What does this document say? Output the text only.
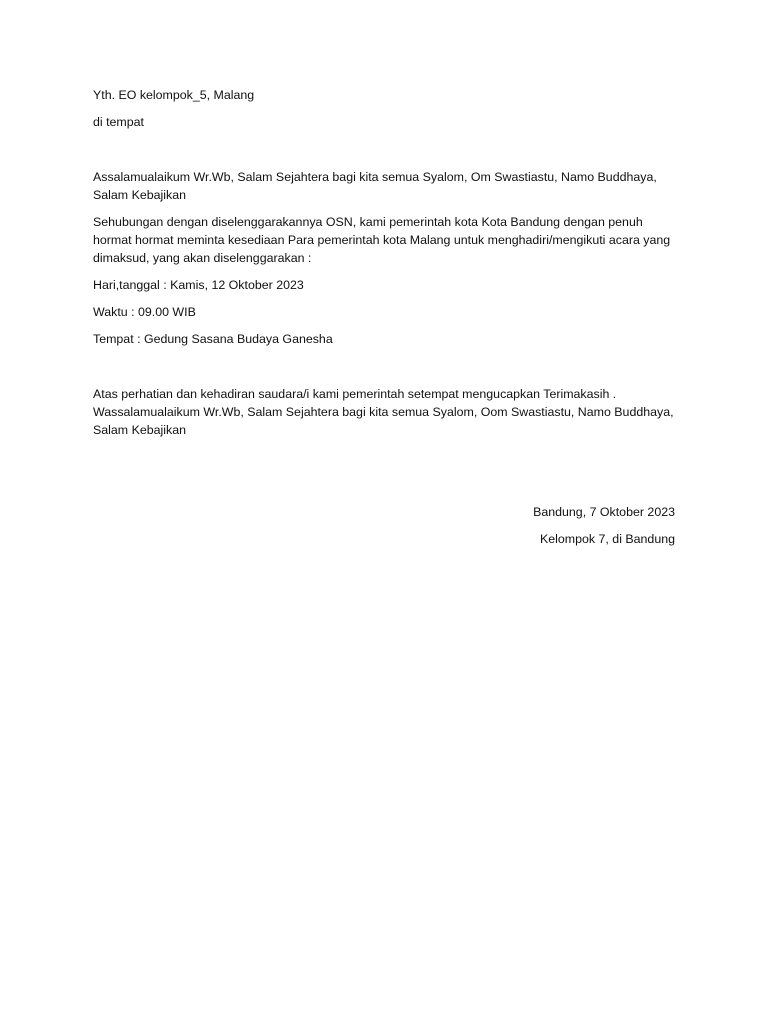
Yth. EO kelompok_5, Malang

di tempat

Assalamualaikum Wr.Wb, Salam Sejahtera bagi kita semua Syalom, Om Swastiastu, Namo Buddhaya, Salam Kebajikan

Sehubungan dengan diselenggarakannya OSN, kami pemerintah kota Kota Bandung dengan penuh hormat hormat meminta kesediaan Para pemerintah kota Malang untuk menghadiri/mengikuti acara yang dimaksud, yang akan diselenggarakan :

Hari,tanggal : Kamis, 12 Oktober 2023

Waktu : 09.00 WIB

Tempat : Gedung Sasana Budaya Ganesha

Atas perhatian dan kehadiran saudara/i kami pemerintah setempat mengucapkan Terimakasih . Wassalamualaikum Wr.Wb, Salam Sejahtera bagi kita semua Syalom, Oom Swastiastu, Namo Buddhaya, Salam Kebajikan

Bandung, 7 Oktober 2023

Kelompok 7, di Bandung
